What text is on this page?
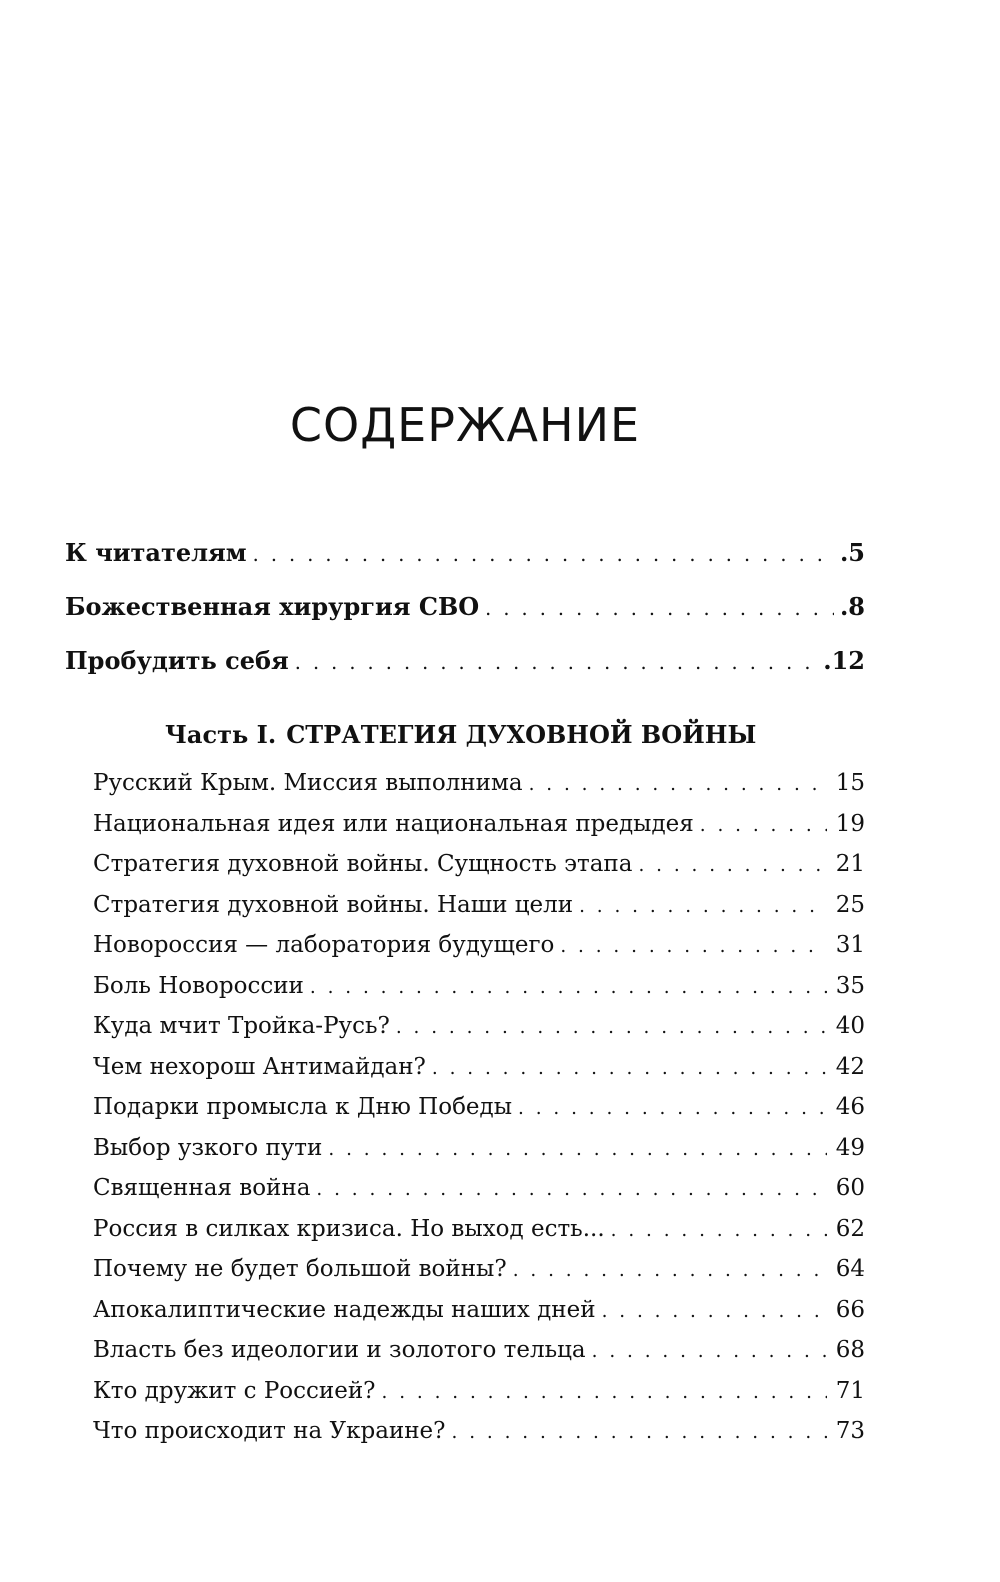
СОДЕРЖАНИЕ
К читателям . . .	.5
Божественная хирургия СВО . . .	.8
Пробудить себя . . .	.12
Часть I. СТРАТЕГИЯ ДУХОВНОЙ ВОЙНЫ
Русский Крым. Миссия выполнима . . .	15
Национальная идея или национальная предыдея . . .	19
Стратегия духовной войны. Сущность этапа . . .	21
Стратегия духовной войны. Наши цели . . .	25
Новороссия — лаборатория будущего . . .	31
Боль Новороссии . . .	35
Куда мчит Тройка-Русь? . . .	40
Чем нехорош Антимайдан? . . .	42
Подарки промысла к Дню Победы . . .	46
Выбор узкого пути . . .	49
Священная война . . .	60
Россия в силках кризиса. Но выход есть... . . .	62
Почему не будет большой войны? . . .	64
Апокалиптические надежды наших дней . . .	66
Власть без идеологии и золотого тельца . . .	68
Кто дружит с Россией? . . .	71
Что происходит на Украине? . . .	73
